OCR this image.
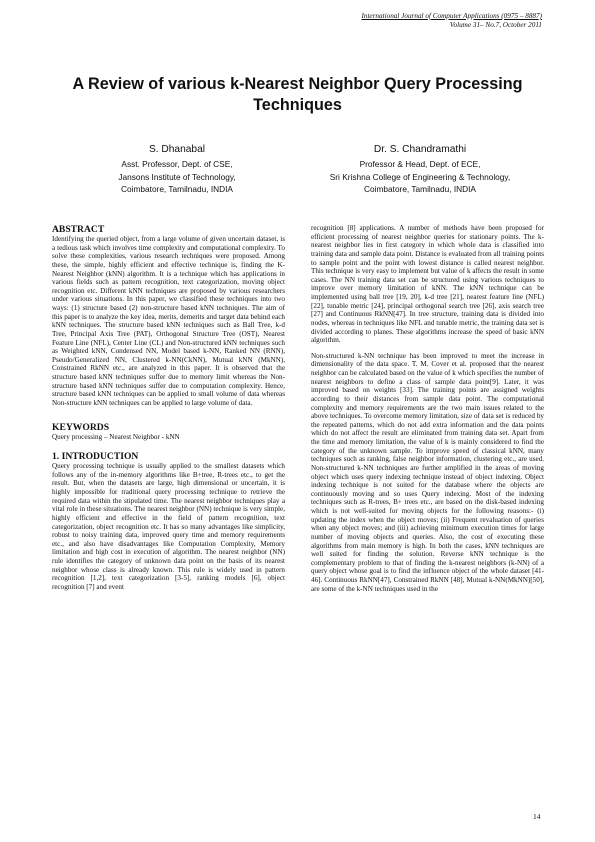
International Journal of Computer Applications (0975 – 8887)
Volume 31– No.7, October 2011
A Review of various k-Nearest Neighbor Query Processing Techniques
S. Dhanabal
Asst. Professor, Dept. of CSE,
Jansons Institute of Technology,
Coimbatore, Tamilnadu, INDIA
Dr. S. Chandramathi
Professor & Head, Dept. of ECE,
Sri Krishna College of Engineering & Technology,
Coimbatore, Tamilnadu, INDIA
ABSTRACT

Identifying the queried object, from a large volume of given uncertain dataset, is a tedious task which involves time complexity and computational complexity. To solve these complexities, various research techniques were proposed. Among these, the simple, highly efficient and effective technique is, finding the K-Nearest Neighbor (kNN) algorithm. It is a technique which has applications in various fields such as pattern recognition, text categorization, moving object recognition etc. Different kNN techniques are proposed by various researchers under various situations. In this paper, we classified these techniques into two ways: (1) structure based (2) non-structure based kNN techniques. The aim of this paper is to analyze the key idea, merits, demerits and target data behind each kNN techniques. The structure based kNN techniques such as Ball Tree, k-d Tree, Principal Axis Tree (PAT), Orthogonal Structure Tree (OST), Nearest Feature Line (NFL), Center Line (CL) and Non-structured kNN techniques such as Weighted kNN, Condensed NN, Model based k-NN, Ranked NN (RNN), Pseudo/Generalized NN, Clustered k-NN(CkNN), Mutual kNN (MkNN), Constrained RkNN etc., are analyzed in this paper. It is observed that the structure based kNN techniques suffer due to memory limit whereas the Non-structure based kNN techniques suffer due to computation complexity. Hence, structure based kNN techniques can be applied to small volume of data whereas Non-structure kNN techniques can be applied to large volume of data.

KEYWORDS

Query processing – Nearest Neighbor - kNN

1. INTRODUCTION

Query processing technique is usually applied to the smallest datasets which follows any of the in-memory algorithms like B+tree, R-trees etc., to get the result. But, when the datasets are large, high dimensional or uncertain, it is highly impossible for traditional query processing technique to retrieve the required data within the stipulated time. The nearest neighbor techniques play a vital role in these situations. The nearest neighbor (NN) technique is very simple, highly efficient and effective in the field of pattern recognition, text categorization, object recognition etc. It has so many advantages like simplicity, robust to noisy training data, improved query time and memory requirements etc., and also have disadvantages like Computation Complexity, Memory limitation and high cost in execution of algorithm. The nearest neighbor (NN) rule identifies the category of unknown data point on the basis of its nearest neighbor whose class is already known. This rule is widely used in pattern recognition [1,2], text categorization [3-5], ranking models [6], object recognition [7] and event

recognition [8] applications. A number of methods have been proposed for efficient processing of nearest neighbor queries for stationary points. The k-nearest neighbor lies in first category in which whole data is classified into training data and sample data point. Distance is evaluated from all training points to sample point and the point with lowest distance is called nearest neighbor. This technique is very easy to implement but value of k affects the result in some cases. The NN training data set can be structured using various techniques to improve over memory limitation of kNN. The kNN technique can be implemented using ball tree [19, 20], k-d tree [21], nearest feature line (NFL) [22], tunable metric [24], principal orthogonal search tree [26], axis search tree [27] and Continuous RkNN[47]. In tree structure, training data is divided into nodes, whereas in techniques like NFL and tunable metric, the training data set is divided according to planes. These algorithms increase the speed of basic kNN algorithm.

Non-structured k-NN technique has been improved to meet the increase in dimensionality of the data space. T. M. Cover et al. proposed that the nearest neighbor can be calculated based on the value of k which specifies the number of nearest neighbors to define a class of sample data point[9]. Later, it was improved based on weights [33]. The training points are assigned weights according to their distances from sample data point. The computational complexity and memory requirements are the two main issues related to the above techniques. To overcome memory limitation, size of data set is reduced by the repeated patterns, which do not add extra information and the data points which do not affect the result are eliminated from training data set. Apart from the time and memory limitation, the value of k is mainly considered to find the category of the unknown sample. To improve speed of classical kNN, many techniques such as ranking, false neighbor information, clustering etc., are used. Non-structured k-NN techniques are further amplified in the areas of moving object which uses query indexing technique instead of object indexing. Object indexing technique is not suited for the database where the objects are continuously moving and so uses Query indexing. Most of the indexing techniques such as R-trees, B+ trees etc., are based on the disk-based indexing which is not well-suited for moving objects for the following reasons:- (i) updating the index when the object moves; (ii) Frequent revaluation of queries when any object moves; and (iii) achieving minimum execution times for large number of moving objects and queries. Also, the cost of executing these algorithms from main memory is high. In both the cases, kNN techniques are well suited for finding the solution. Reverse kNN technique is the complementary problem to that of finding the k-nearest neighbors (k-NN) of a query object whose goal is to find the influence object of the whole dataset [41-46]. Continuous RkNN[47], Constrained RkNN [48], Mutual k-NN(MkNN)[50], are some of the k-NN techniques used in the

14
